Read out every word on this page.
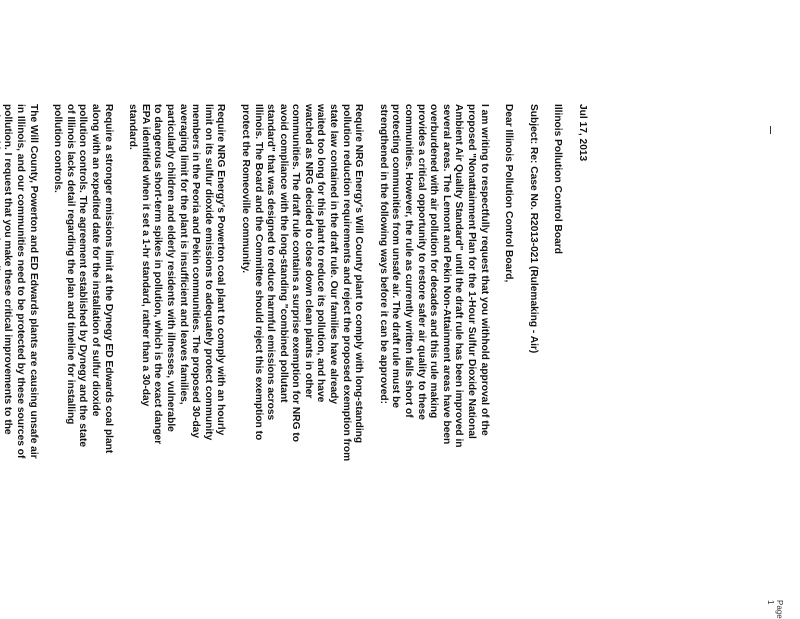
Jul 17, 2013

Illinois Pollution Control Board

Subject: Re: Case No. R2013-021 (Rulemaking - Air)

Dear Illinois Pollution Control Board,

I am writing to respectfully request that you withhold approval of the
proposed "Nonattainment Plan for the 1-Hour Sulfur Dioxide National
Ambient Air Quality Standard" until the draft rule has been improved in
several areas. The Lemont and Pekin Non-Attainment areas have been
overburdened with air pollution for decades and this rule making
provides a critical opportunity to restore safer air quality to these
communities. However, the rule as currently written falls short of
protecting communities from unsafe air. The draft rule must be
strengthened in the following ways before it can be approved:

Require NRG Energy's Will County plant to comply with long-standing
pollution reduction requirements and reject the proposed exemption from
state law contained in the draft rule. Our families have already
waited too long for this plant to reduce its pollution, and have
watched as NRG decided to close down clean plants in other
communities. The draft rule contains a surprise exemption for NRG to
avoid compliance with the long-standing "combined pollutant
standard" that was designed to reduce harmful emissions across
Illinois. The Board and the Committee should reject this exemption to
protect the Romeoville community.

Require NRG Energy's Powerton coal plant to comply with an hourly
limit on its sulfur dioxide emissions to adequately protect community
members in the Peoria and Pekin communities. The proposed 30-day
averaging limit for the plant is insufficient and leaves families,
particularly children and elderly residents with illnesses, vulnerable
to dangerous short-term spikes in pollution, which is the exact danger
EPA identified when it set a 1-hr standard, rather than a 30-day
standard.

Require a stronger emissions limit at the Dynegy ED Edwards coal plant
along with an expedited date for the installation of sulfur dioxide
pollution controls. The agreement established by Dynegy and the state
of Illinois lacks detail regarding the plan and timeline for installing
pollution controls.

The Will County, Powerton and ED Edwards plants are causing unsafe air
in Illinois, and our communities need to be protected by these sources of
pollution. I request that you make these critical improvements to the

Page 1
